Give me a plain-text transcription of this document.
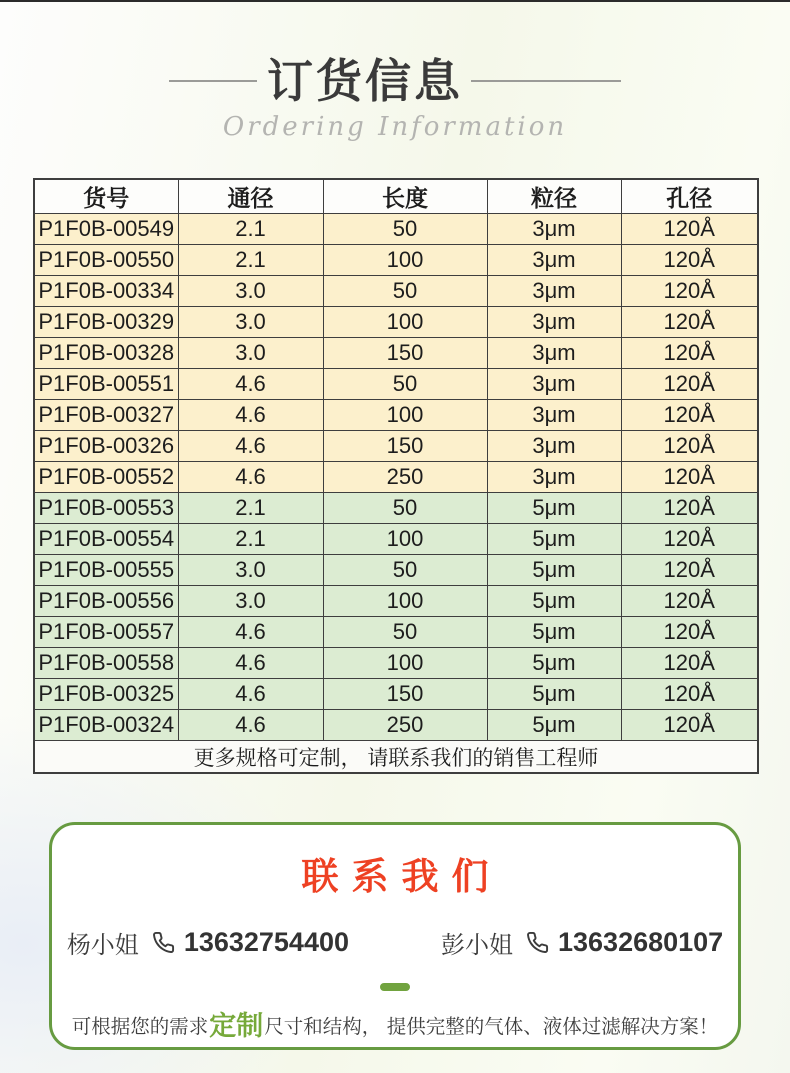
订货信息
Ordering Information
货号	通径	长度	粒径	孔径
P1F0B-00549	2.1	50	3μm	120Å
P1F0B-00550	2.1	100	3μm	120Å
P1F0B-00334	3.0	50	3μm	120Å
P1F0B-00329	3.0	100	3μm	120Å
P1F0B-00328	3.0	150	3μm	120Å
P1F0B-00551	4.6	50	3μm	120Å
P1F0B-00327	4.6	100	3μm	120Å
P1F0B-00326	4.6	150	3μm	120Å
P1F0B-00552	4.6	250	3μm	120Å
P1F0B-00553	2.1	50	5μm	120Å
P1F0B-00554	2.1	100	5μm	120Å
P1F0B-00555	3.0	50	5μm	120Å
P1F0B-00556	3.0	100	5μm	120Å
P1F0B-00557	4.6	50	5μm	120Å
P1F0B-00558	4.6	100	5μm	120Å
P1F0B-00325	4.6	150	5μm	120Å
P1F0B-00324	4.6	250	5μm	120Å
更多规格可定制， 请联系我们的销售工程师				
联系我们
杨小姐 13632754400	彭小姐 13632680107

可根据您的需求定制尺寸和结构， 提供完整的气体、液体过滤解决方案！
